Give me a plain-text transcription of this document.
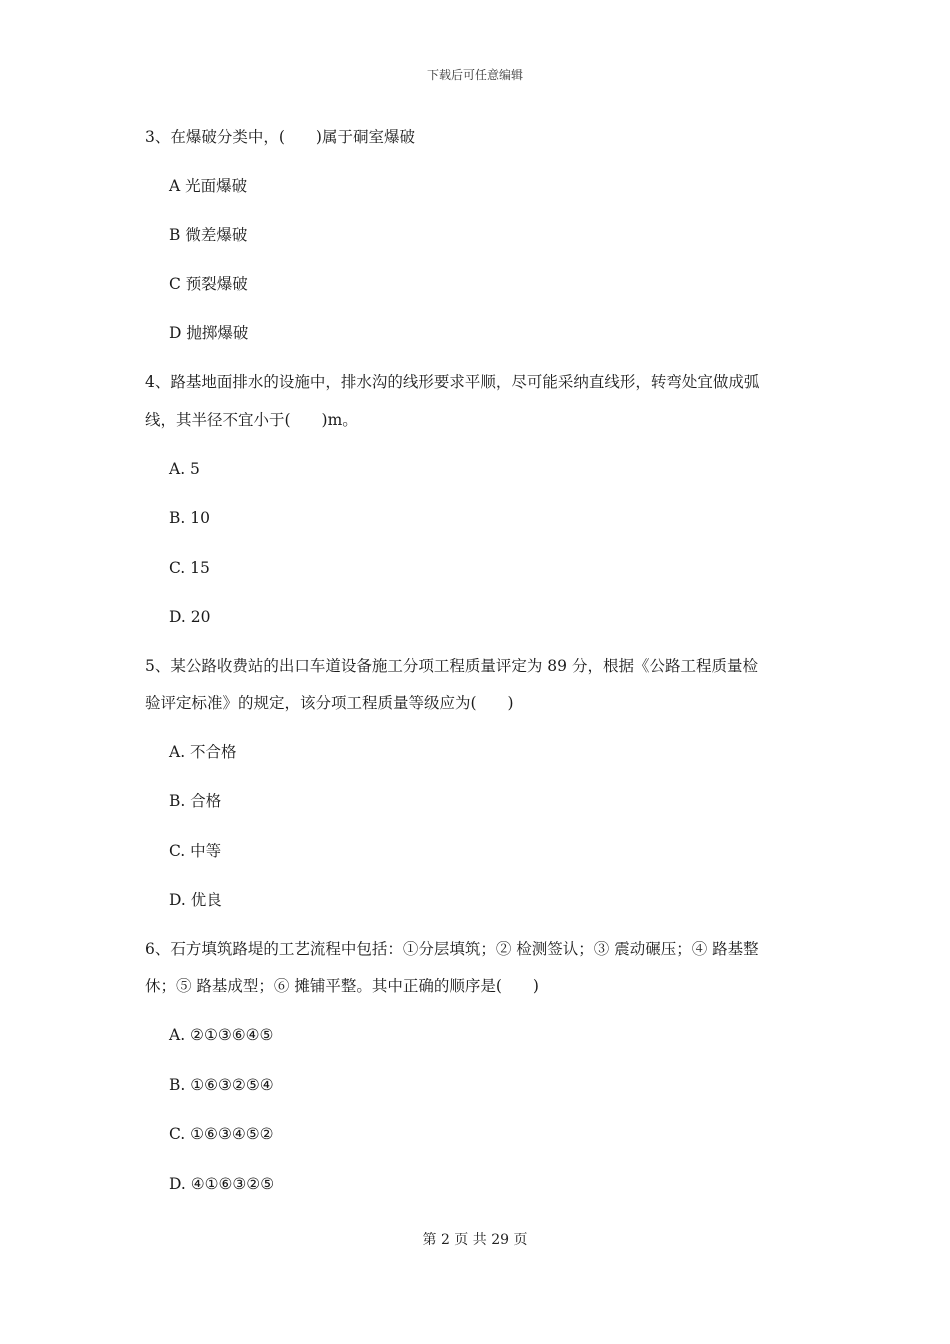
下载后可任意编辑
3、在爆破分类中，(　　)属于硐室爆破
A 光面爆破
B 微差爆破
C 预裂爆破
D 抛掷爆破
4、路基地面排水的设施中，排水沟的线形要求平顺，尽可能采纳直线形，转弯处宜做成弧
线，其半径不宜小于(　　)m。
A. 5
B. 10
C. 15
D. 20
5、某公路收费站的出口车道设备施工分项工程质量评定为 89 分，根据《公路工程质量检
验评定标准》的规定，该分项工程质量等级应为(　　)
A. 不合格
B. 合格
C. 中等
D. 优良
6、石方填筑路堤的工艺流程中包括：①分层填筑；② 检测签认；③ 震动碾压；④ 路基整
休；⑤ 路基成型；⑥ 摊铺平整。其中正确的顺序是(　　)
A. ②①③⑥④⑤
B. ①⑥③②⑤④
C. ①⑥③④⑤②
D. ④①⑥③②⑤
第 2 页 共 29 页
